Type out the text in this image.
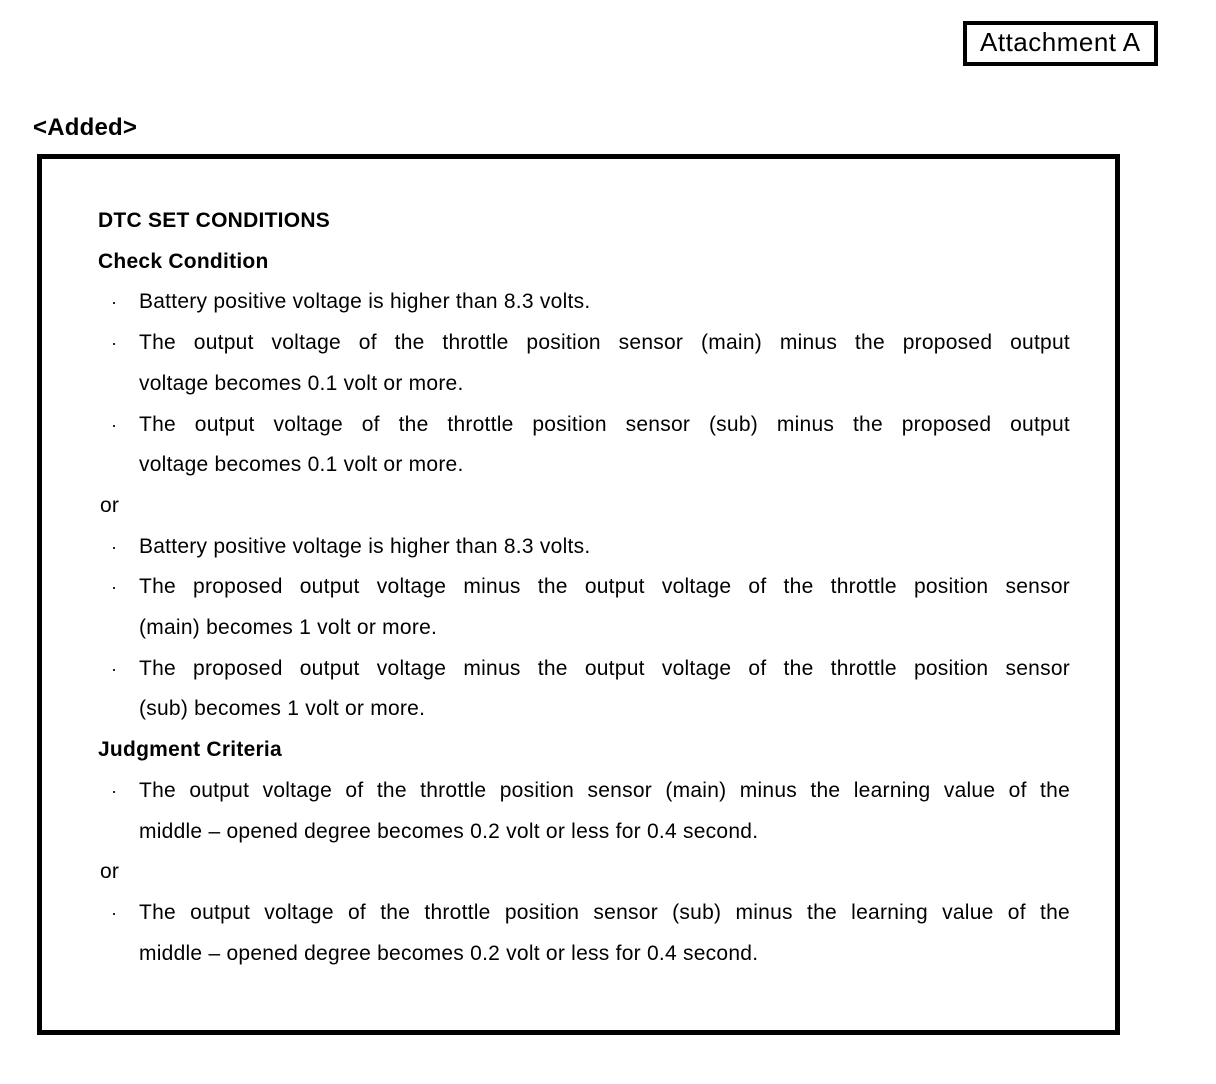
Attachment A
<Added>
DTC SET CONDITIONS
Check Condition
·	Battery positive voltage is higher than 8.3 volts.
·	The output voltage of the throttle position sensor (main) minus the proposed output
voltage becomes 0.1 volt or more.
·	The output voltage of the throttle position sensor (sub) minus the proposed output
voltage becomes 0.1 volt or more.
or
·	Battery positive voltage is higher than 8.3 volts.
·	The proposed output voltage minus the output voltage of the throttle position sensor
(main) becomes 1 volt or more.
·	The proposed output voltage minus the output voltage of the throttle position sensor
(sub) becomes 1 volt or more.
Judgment Criteria
·	The output voltage of the throttle position sensor (main) minus the learning value of the
middle – opened degree becomes 0.2 volt or less for 0.4 second.
or
·	The output voltage of the throttle position sensor (sub) minus the learning value of the
middle – opened degree becomes 0.2 volt or less for 0.4 second.
